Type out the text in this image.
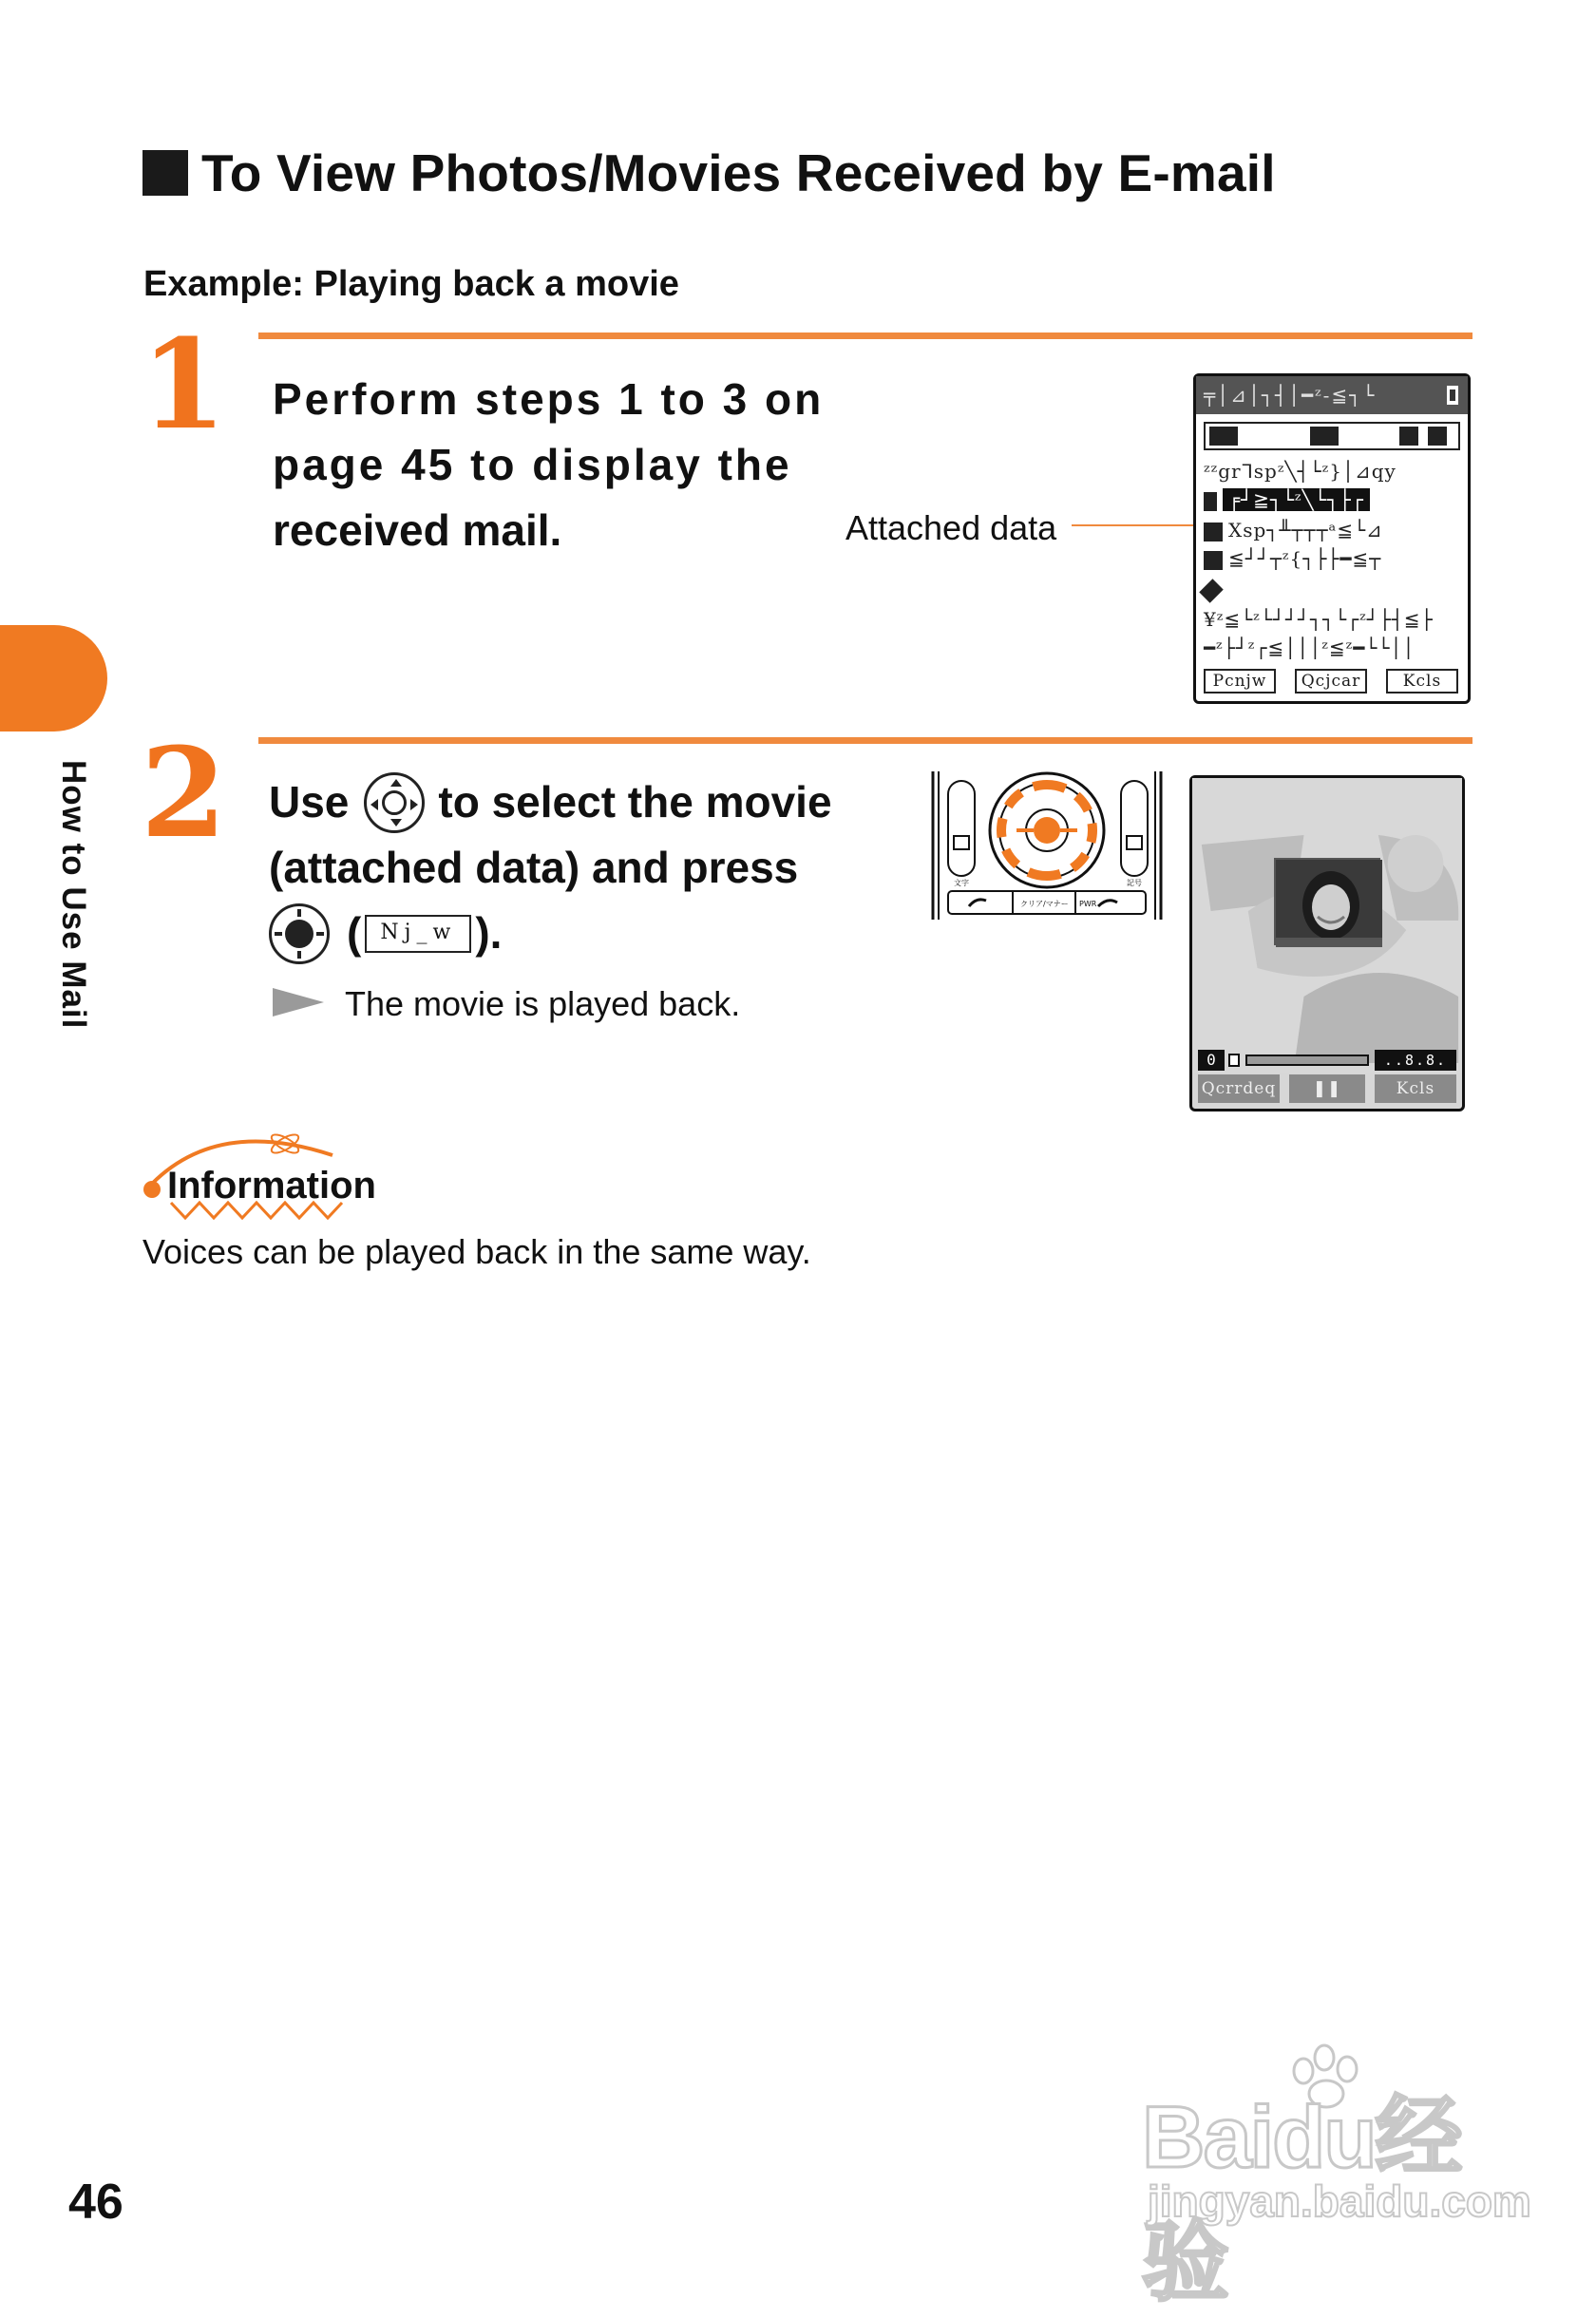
To View Photos/Movies Received by E-mail
Example: Playing back a movie
1 Perform steps 1 to 3 on
page 45 to display the
received mail.	Attached data
╤│⊿│┐┤│━ᶻ-≦┐└
ᶻᶻgrᒣspᶻ╲┤└ᶻ}│⊿qy
╒┘≧┐└ᶻ╲└┐├┌
Xsp┐╨┬┬┬ᵃ≦└⊿
≦┘┘┬ᶻ{┐├├━≦┬
¥ᶻ≦└ᶻ└┘┘┘┐┐└┌ᶻ┘├┤≦├
━ᶻ├┘ᶻ┌≦│││ᶻ≦ᶻ━└└││
Pcnjw	Qcjcar	Kcls
2 Use to select the movie
(attached data) and press
( Nj_w ).
The movie is played back.
文字	記号
クリア/マナー PWR
0	..8.8.
Qcrrdeq	❚❚	Kcls
How to Use Mail
Information
Voices can be played back in the same way.
46
Baidu经验
jingyan.baidu.com
